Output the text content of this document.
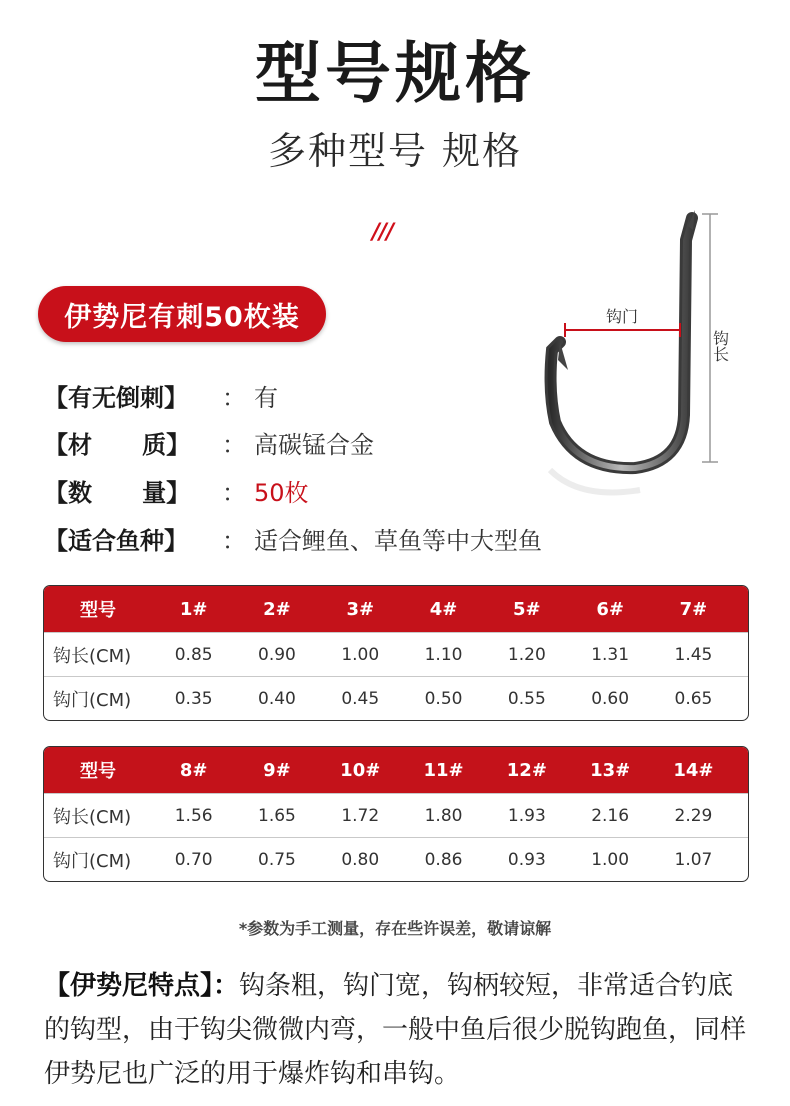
型号规格
多种型号 规格
///
伊势尼有刺50枚装
【有无倒刺】	： 有
【材      质】	： 高碳锰合金
【数      量】	： 50枚
【适合鱼种】	： 适合鲤鱼、草鱼等中大型鱼
钩门
钩长
型号	1#	2#	3#	4#	5#	6#	7#
钩长(CM)	0.85	0.90	1.00	1.10	1.20	1.31	1.45
钩门(CM)	0.35	0.40	0.45	0.50	0.55	0.60	0.65
型号	8#	9#	10#	11#	12#	13#	14#
钩长(CM)	1.56	1.65	1.72	1.80	1.93	2.16	2.29
钩门(CM)	0.70	0.75	0.80	0.86	0.93	1.00	1.07
*参数为手工测量，存在些许误差，敬请谅解
【伊势尼特点】：钩条粗，钩门宽，钩柄较短，非常适合钓底的钩型，由于钩尖微微内弯，一般中鱼后很少脱钩跑鱼，同样伊势尼也广泛的用于爆炸钩和串钩。
